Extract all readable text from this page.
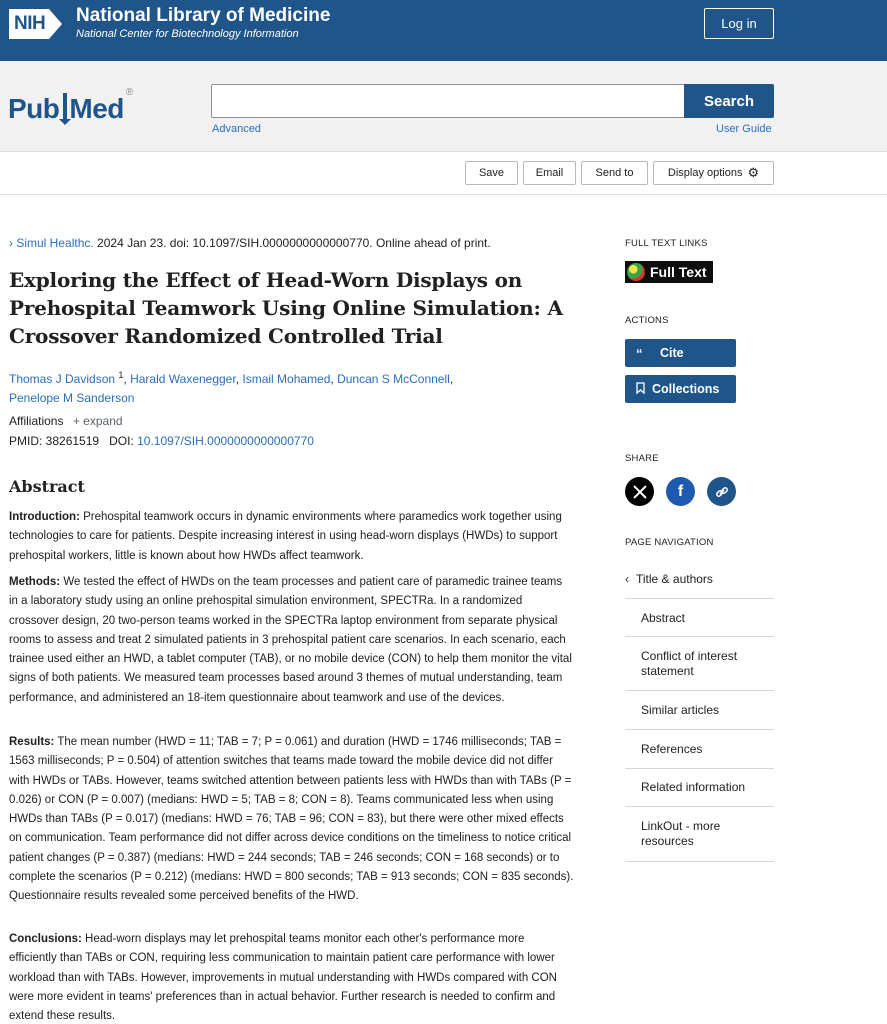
NIH National Library of Medicine
National Center for Biotechnology Information
Log in
Pub Med
®	Search
Advanced	User Guide
Save	Email	Send to	Display options ⚙
› Simul Healthc. 2024 Jan 23. doi: 10.1097/SIH.0000000000000770. Online ahead of print.
Exploring the Effect of Head-Worn Displays on Prehospital Teamwork Using Online Simulation: A Crossover Randomized Controlled Trial
Thomas J Davidson $^1$, Harald Waxenegger, Ismail Mohamed, Duncan S McConnell,
Penelope M Sanderson
Affiliations + expand
PMID: 38261519 DOI: 10.1097/SIH.0000000000000770
Abstract

Introduction: Prehospital teamwork occurs in dynamic environments where paramedics work together using technologies to care for patients. Despite increasing interest in using head-worn displays (HWDs) to support prehospital workers, little is known about how HWDs affect teamwork.

Methods: We tested the effect of HWDs on the team processes and patient care of paramedic trainee teams in a laboratory study using an online prehospital simulation environment, SPECTRa. In a randomized crossover design, 20 two-person teams worked in the SPECTRa laptop environment from separate physical rooms to assess and treat 2 simulated patients in 3 prehospital patient care scenarios. In each scenario, each trainee used either an HWD, a tablet computer (TAB), or no mobile device (CON) to help them monitor the vital signs of both patients. We measured team processes based around 3 themes of mutual understanding, team performance, and administered an 18-item questionnaire about teamwork and use of the devices.

Results: The mean number (HWD = 11; TAB = 7; P = 0.061) and duration (HWD = 1746 milliseconds; TAB = 1563 milliseconds; P = 0.504) of attention switches that teams made toward the mobile device did not differ with HWDs or TABs. However, teams switched attention between patients less with HWDs than with TABs (P = 0.026) or CON (P = 0.007) (medians: HWD = 5; TAB = 8; CON = 8). Teams communicated less when using HWDs than TABs (P = 0.017) (medians: HWD = 76; TAB = 96; CON = 83), but there were other mixed effects on communication. Team performance did not differ across device conditions on the timeliness to notice critical patient changes (P = 0.387) (medians: HWD = 244 seconds; TAB = 246 seconds; CON = 168 seconds) or to complete the scenarios (P = 0.212) (medians: HWD = 800 seconds; TAB = 913 seconds; CON = 835 seconds). Questionnaire results revealed some perceived benefits of the HWD.

Conclusions: Head-worn displays may let prehospital teams monitor each other's performance more efficiently than TABs or CON, requiring less communication to maintain patient care performance with lower workload than with TABs. However, improvements in mutual understanding with HWDs compared with CON were more evident in teams' preferences than in actual behavior. Further research is needed to confirm and extend these results.

FULL TEXT LINKS
Full Text
ACTIONS
“	Cite
Collections
SHARE
f
PAGE NAVIGATION
‹ Title & authors
Abstract
Conflict of interest statement
Similar articles
References
Related information
LinkOut - more resources
